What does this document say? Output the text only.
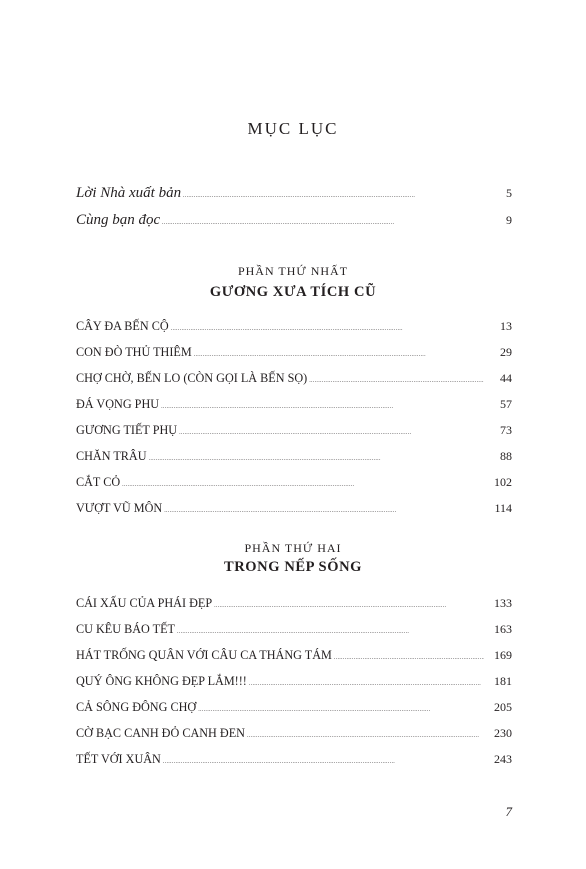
MỤC LỤC
Lời Nhà xuất bản . . .	5
Cùng bạn đọc . . .	9

PHẦN THỨ NHẤT

GƯƠNG XƯA TÍCH CŨ

CÂY ĐA BẾN CỘ . . .	13
CON ĐÒ THỦ THIÊM . . .	29
CHỢ CHỜ, BẾN LO (CÒN GỌI LÀ BẾN SỌ) . . .	44
ĐÁ VỌNG PHU . . .	57
GƯƠNG TIẾT PHỤ . . .	73
CHĂN TRÂU . . .	88
CẮT CỎ . . .	102
VƯỢT VŨ MÔN . . .	114

PHẦN THỨ HAI

TRONG NẾP SỐNG

CÁI XẤU CỦA PHÁI ĐẸP . . .	133
CU KÊU BÁO TẾT . . .	163
HÁT TRỐNG QUÂN VỚI CÂU CA THÁNG TÁM . . .	169
QUÝ ÔNG KHÔNG ĐẸP LẮM!!! . . .	181
CẢ SÔNG ĐÔNG CHỢ . . .	205
CỜ BẠC CANH ĐỎ CANH ĐEN . . .	230
TẾT VỚI XUÂN . . .	243
7
